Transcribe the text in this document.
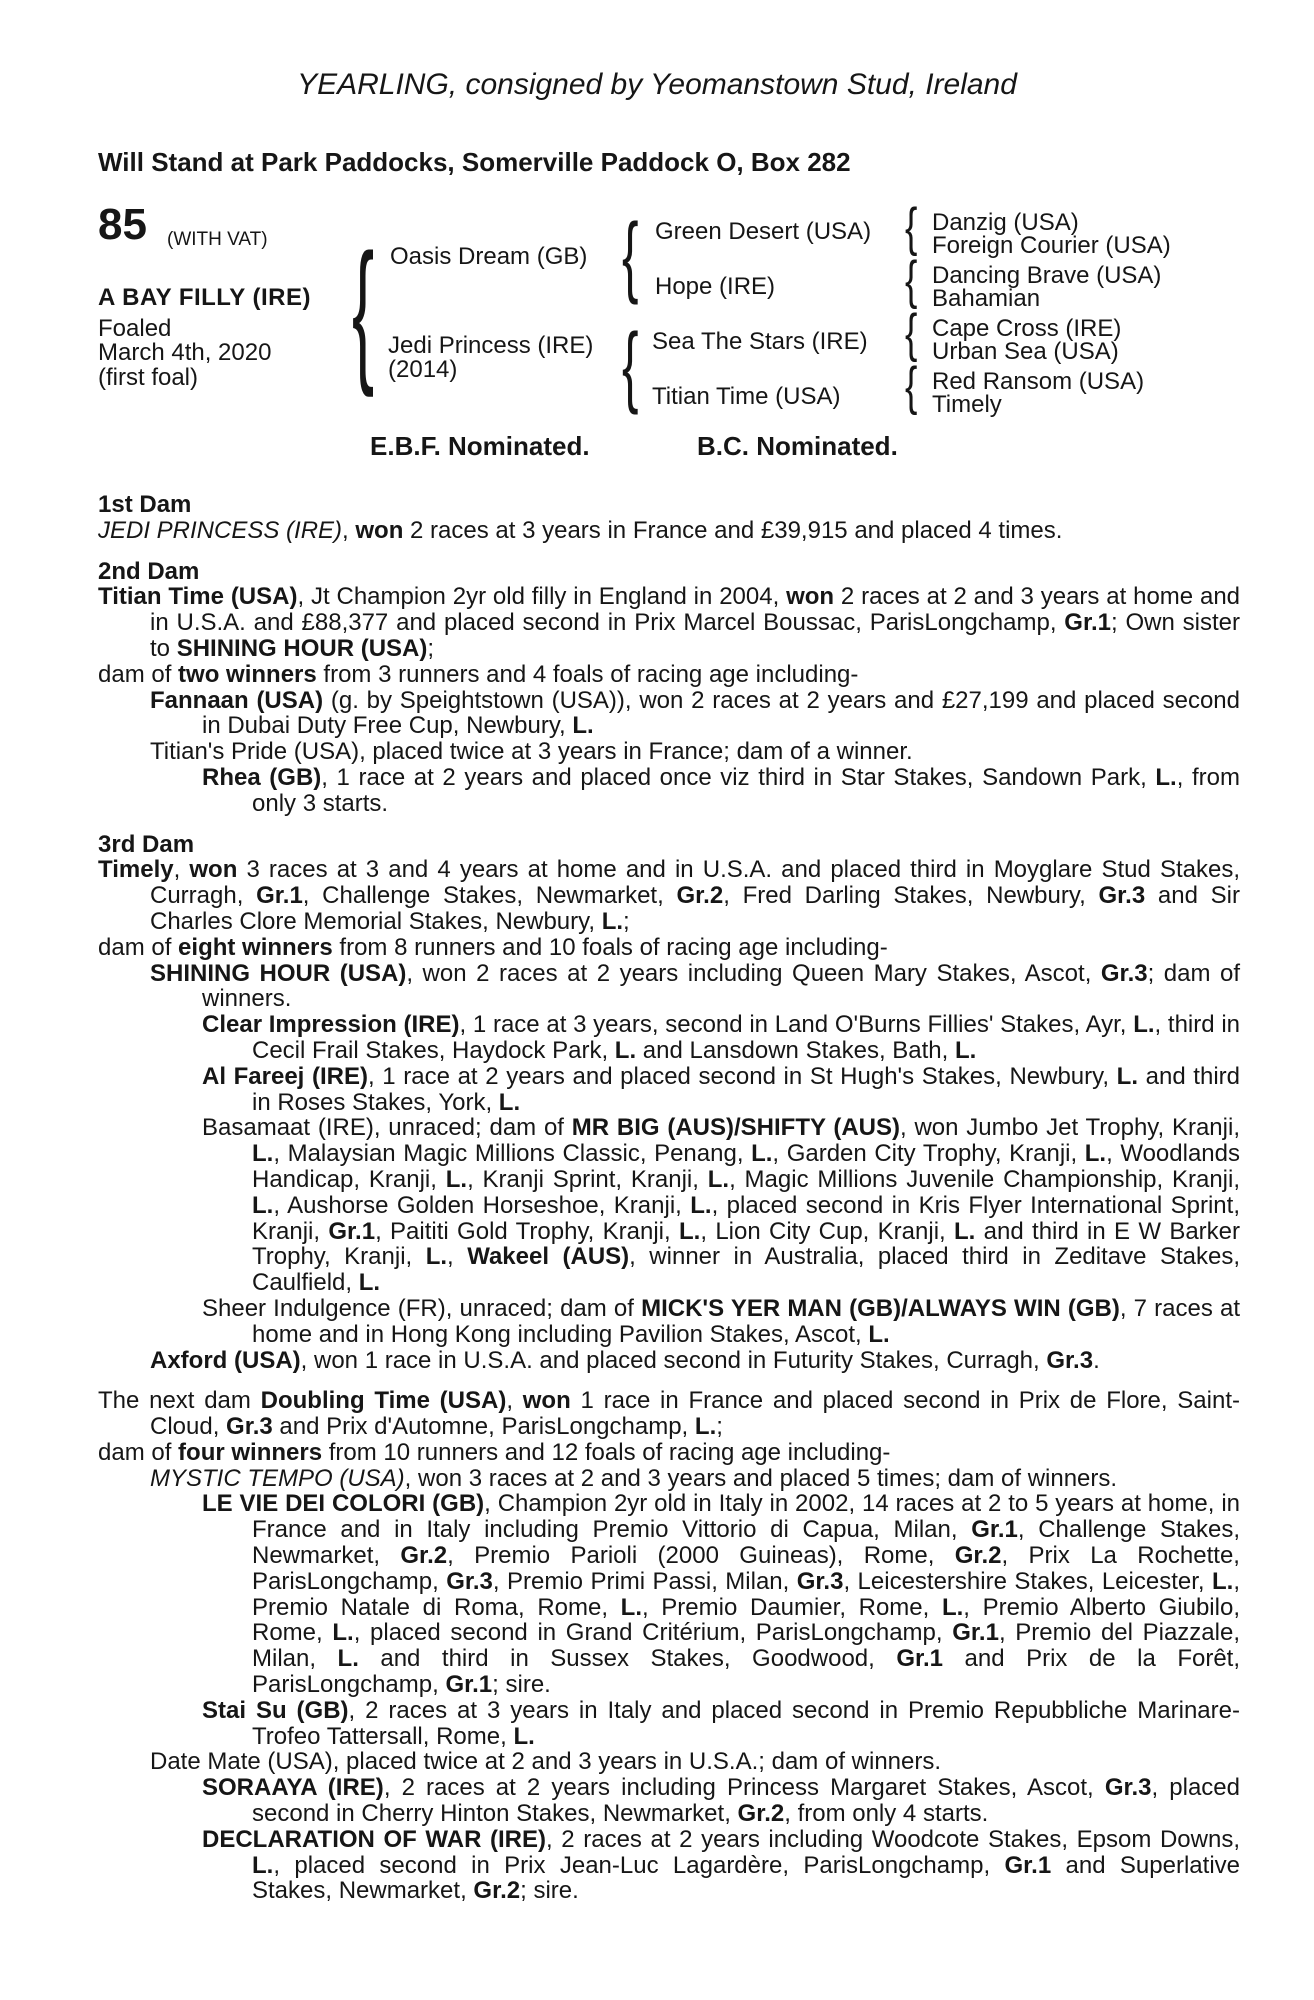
YEARLING, consigned by Yeomanstown Stud, Ireland
Will Stand at Park Paddocks, Somerville Paddock O, Box 282
85 (WITH VAT)
A BAY FILLY (IRE)
Foaled
March 4th, 2020
(first foal)
{
Oasis Dream (GB)
Jedi Princess (IRE)
(2014)
{
{
Green Desert (USA)
Hope (IRE)
Sea The Stars (IRE)
Titian Time (USA)
{
{
{
{
Danzig (USA)
Foreign Courier (USA)
Dancing Brave (USA)
Bahamian
Cape Cross (IRE)
Urban Sea (USA)
Red Ransom (USA)
Timely
E.B.F. Nominated.	B.C. Nominated.
1st Dam

JEDI PRINCESS (IRE), won 2 races at 3 years in France and £39,915 and placed 4 times.

2nd Dam

Titian Time (USA), Jt Champion 2yr old filly in England in 2004, won 2 races at 2 and 3 years at home and in U.S.A. and £88,377 and placed second in Prix Marcel Boussac, ParisLongchamp, Gr.1; Own sister to SHINING HOUR (USA);

dam of two winners from 3 runners and 4 foals of racing age including-

Fannaan (USA) (g. by Speightstown (USA)), won 2 races at 2 years and £27,199 and placed second in Dubai Duty Free Cup, Newbury, L.

Titian's Pride (USA), placed twice at 3 years in France; dam of a winner.

Rhea (GB), 1 race at 2 years and placed once viz third in Star Stakes, Sandown Park, L., from only 3 starts.

3rd Dam

Timely, won 3 races at 3 and 4 years at home and in U.S.A. and placed third in Moyglare Stud Stakes, Curragh, Gr.1, Challenge Stakes, Newmarket, Gr.2, Fred Darling Stakes, Newbury, Gr.3 and Sir Charles Clore Memorial Stakes, Newbury, L.;

dam of eight winners from 8 runners and 10 foals of racing age including-

SHINING HOUR (USA), won 2 races at 2 years including Queen Mary Stakes, Ascot, Gr.3; dam of winners.

Clear Impression (IRE), 1 race at 3 years, second in Land O'Burns Fillies' Stakes, Ayr, L., third in Cecil Frail Stakes, Haydock Park, L. and Lansdown Stakes, Bath, L.

Al Fareej (IRE), 1 race at 2 years and placed second in St Hugh's Stakes, Newbury, L. and third in Roses Stakes, York, L.

Basamaat (IRE), unraced; dam of MR BIG (AUS)/SHIFTY (AUS), won Jumbo Jet Trophy, Kranji, L., Malaysian Magic Millions Classic, Penang, L., Garden City Trophy, Kranji, L., Woodlands Handicap, Kranji, L., Kranji Sprint, Kranji, L., Magic Millions Juvenile Championship, Kranji, L., Aushorse Golden Horseshoe, Kranji, L., placed second in Kris Flyer International Sprint, Kranji, Gr.1, Paititi Gold Trophy, Kranji, L., Lion City Cup, Kranji, L. and third in E W Barker Trophy, Kranji, L., Wakeel (AUS), winner in Australia, placed third in Zeditave Stakes, Caulfield, L.

Sheer Indulgence (FR), unraced; dam of MICK'S YER MAN (GB)/ALWAYS WIN (GB), 7 races at home and in Hong Kong including Pavilion Stakes, Ascot, L.

Axford (USA), won 1 race in U.S.A. and placed second in Futurity Stakes, Curragh, Gr.3.

The next dam Doubling Time (USA), won 1 race in France and placed second in Prix de Flore, Saint-Cloud, Gr.3 and Prix d'Automne, ParisLongchamp, L.;

dam of four winners from 10 runners and 12 foals of racing age including-

MYSTIC TEMPO (USA), won 3 races at 2 and 3 years and placed 5 times; dam of winners.

LE VIE DEI COLORI (GB), Champion 2yr old in Italy in 2002, 14 races at 2 to 5 years at home, in France and in Italy including Premio Vittorio di Capua, Milan, Gr.1, Challenge Stakes, Newmarket, Gr.2, Premio Parioli (2000 Guineas), Rome, Gr.2, Prix La Rochette, ParisLongchamp, Gr.3, Premio Primi Passi, Milan, Gr.3, Leicestershire Stakes, Leicester, L., Premio Natale di Roma, Rome, L., Premio Daumier, Rome, L., Premio Alberto Giubilo, Rome, L., placed second in Grand Critérium, ParisLongchamp, Gr.1, Premio del Piazzale, Milan, L. and third in Sussex Stakes, Goodwood, Gr.1 and Prix de la Forêt, ParisLongchamp, Gr.1; sire.

Stai Su (GB), 2 races at 3 years in Italy and placed second in Premio Repubbliche Marinare-Trofeo Tattersall, Rome, L.

Date Mate (USA), placed twice at 2 and 3 years in U.S.A.; dam of winners.

SORAAYA (IRE), 2 races at 2 years including Princess Margaret Stakes, Ascot, Gr.3, placed second in Cherry Hinton Stakes, Newmarket, Gr.2, from only 4 starts.

DECLARATION OF WAR (IRE), 2 races at 2 years including Woodcote Stakes, Epsom Downs, L., placed second in Prix Jean-Luc Lagardère, ParisLongchamp, Gr.1 and Superlative Stakes, Newmarket, Gr.2; sire.
